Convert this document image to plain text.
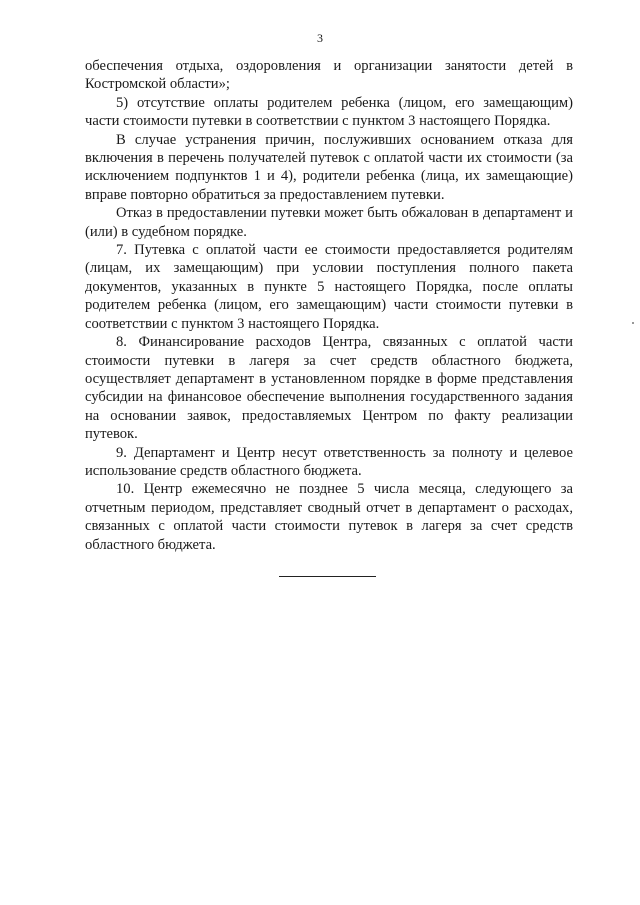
3

обеспечения отдыха, оздоровления и организации занятости детей в Костромской области»;

5) отсутствие оплаты родителем ребенка (лицом, его замещающим) части стоимости путевки в соответствии с пунктом 3 настоящего Порядка.

В случае устранения причин, послуживших основанием отказа для включения в перечень получателей путевок с оплатой части их стоимости (за исключением подпунктов 1 и 4), родители ребенка (лица, их замещающие) вправе повторно обратиться за предоставлением путевки.

Отказ в предоставлении путевки может быть обжалован в департамент и (или) в судебном порядке.

7. Путевка с оплатой части ее стоимости предоставляется родителям (лицам, их замещающим) при условии поступления полного пакета документов, указанных в пункте 5 настоящего Порядка, после оплаты родителем ребенка (лицом, его замещающим) части стоимости путевки в соответствии с пунктом 3 настоящего Порядка.

8. Финансирование расходов Центра, связанных с оплатой части стоимости путевки в лагеря за счет средств областного бюджета, осуществляет департамент в установленном порядке в форме представления субсидии на финансовое обеспечение выполнения государственного задания на основании заявок, предоставляемых Центром по факту реализации путевок.

9. Департамент и Центр несут ответственность за полноту и целевое использование средств областного бюджета.

10. Центр ежемесячно не позднее 5 числа месяца, следующего за отчетным периодом, представляет сводный отчет в департамент о расходах, связанных с оплатой части стоимости путевок в лагеря за счет средств областного бюджета.
